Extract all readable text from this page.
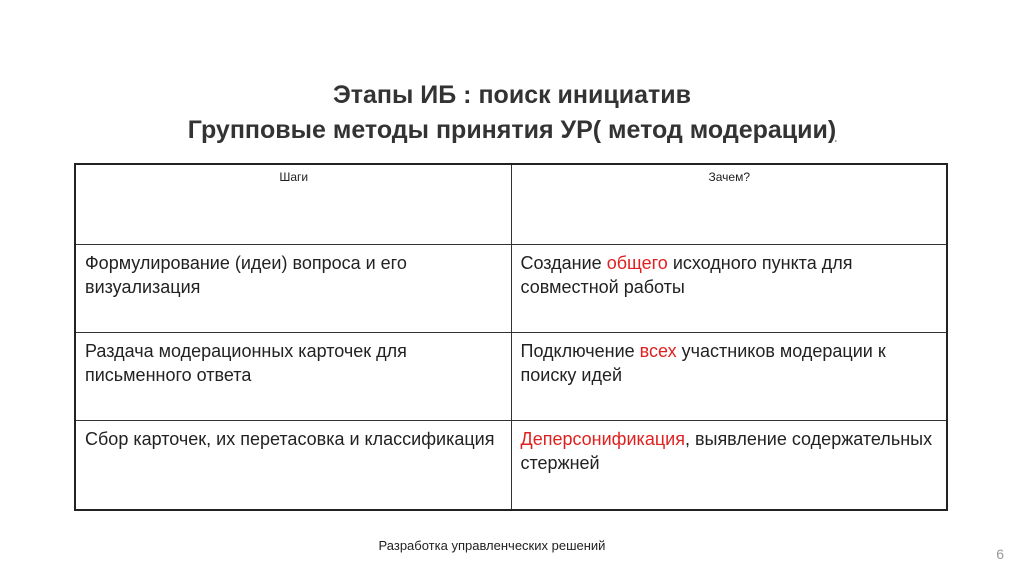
Этапы ИБ : поиск инициатив
Групповые методы принятия УР( метод модерации)
Шаги	Зачем?
Формулирование (идеи) вопроса и его визуализация	Создание общего исходного пункта для совместной работы
Раздача модерационных карточек для письменного ответа	Подключение всех участников модерации к поиску идей
Сбор карточек, их перетасовка и классификация	Деперсонификация, выявление содержательных стержней
Разработка управленческих решений
6
